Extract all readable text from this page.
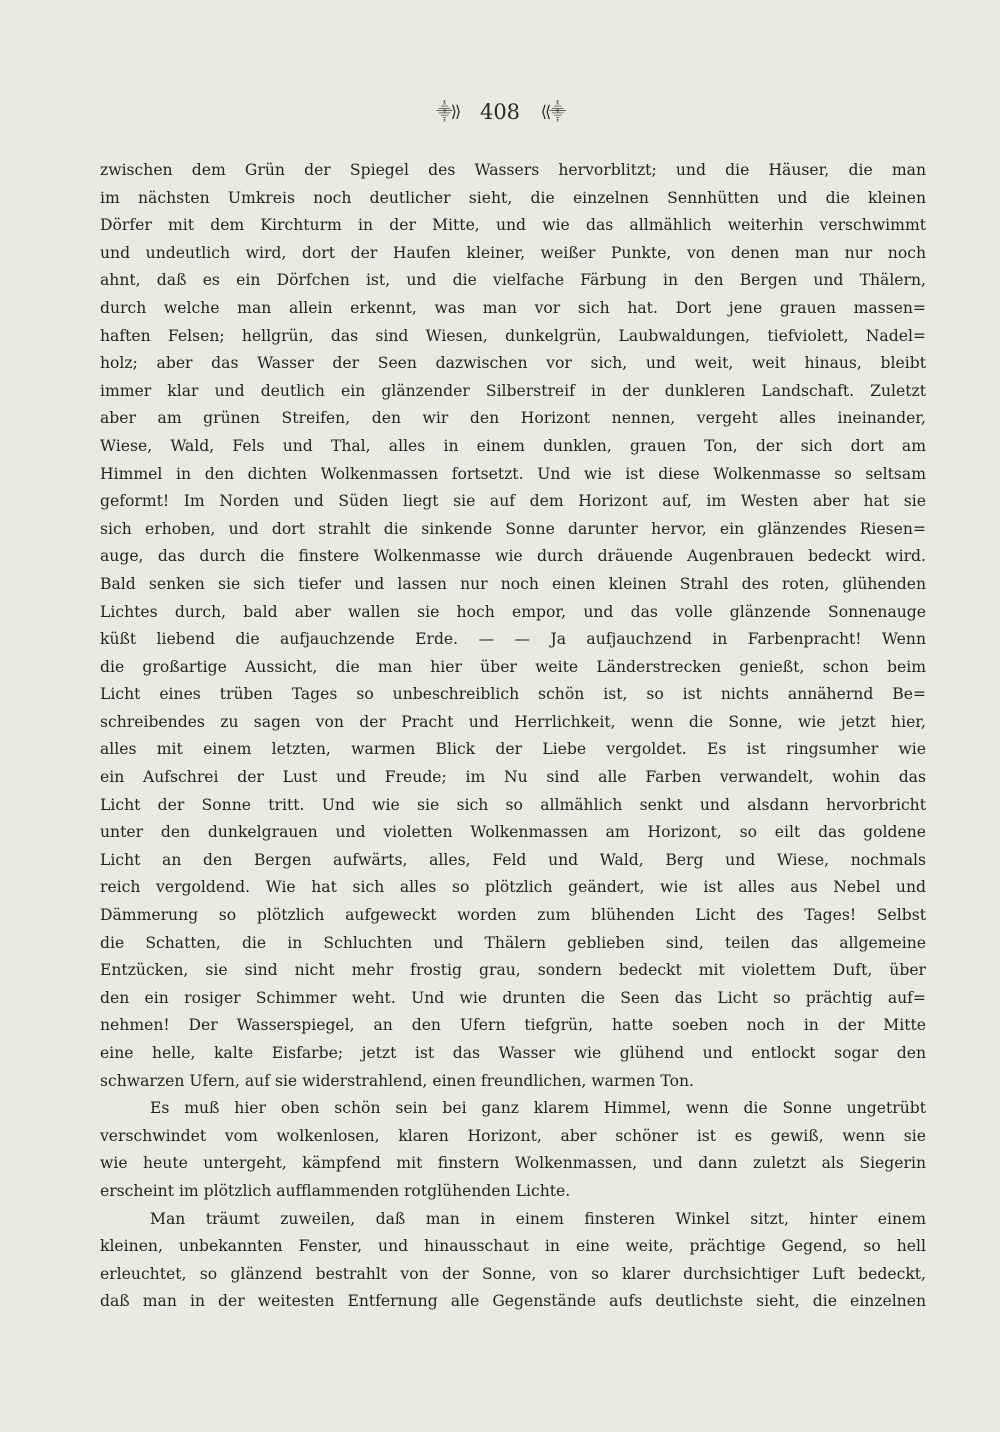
⸎⟩⟩ 408 ⟨⟨⸎
zwischen dem Grün der Spiegel des Wassers hervorblitzt; und die Häuser, die man
im nächsten Umkreis noch deutlicher sieht, die einzelnen Sennhütten und die kleinen
Dörfer mit dem Kirchturm in der Mitte, und wie das allmählich weiterhin verschwimmt
und undeutlich wird, dort der Haufen kleiner, weißer Punkte, von denen man nur noch
ahnt, daß es ein Dörfchen ist, und die vielfache Färbung in den Bergen und Thälern,
durch welche man allein erkennt, was man vor sich hat. Dort jene grauen massen=
haften Felsen; hellgrün, das sind Wiesen, dunkelgrün, Laubwaldungen, tiefviolett, Nadel=
holz; aber das Wasser der Seen dazwischen vor sich, und weit, weit hinaus, bleibt
immer klar und deutlich ein glänzender Silberstreif in der dunkleren Landschaft. Zuletzt
aber am grünen Streifen, den wir den Horizont nennen, vergeht alles ineinander,
Wiese, Wald, Fels und Thal, alles in einem dunklen, grauen Ton, der sich dort am
Himmel in den dichten Wolkenmassen fortsetzt. Und wie ist diese Wolkenmasse so seltsam
geformt! Im Norden und Süden liegt sie auf dem Horizont auf, im Westen aber hat sie
sich erhoben, und dort strahlt die sinkende Sonne darunter hervor, ein glänzendes Riesen=
auge, das durch die finstere Wolkenmasse wie durch dräuende Augenbrauen bedeckt wird.
Bald senken sie sich tiefer und lassen nur noch einen kleinen Strahl des roten, glühenden
Lichtes durch, bald aber wallen sie hoch empor, und das volle glänzende Sonnenauge
küßt liebend die aufjauchzende Erde. — — Ja aufjauchzend in Farbenpracht! Wenn
die großartige Aussicht, die man hier über weite Länderstrecken genießt, schon beim
Licht eines trüben Tages so unbeschreiblich schön ist, so ist nichts annähernd Be=
schreibendes zu sagen von der Pracht und Herrlichkeit, wenn die Sonne, wie jetzt hier,
alles mit einem letzten, warmen Blick der Liebe vergoldet. Es ist ringsumher wie
ein Aufschrei der Lust und Freude; im Nu sind alle Farben verwandelt, wohin das
Licht der Sonne tritt. Und wie sie sich so allmählich senkt und alsdann hervorbricht
unter den dunkelgrauen und violetten Wolkenmassen am Horizont, so eilt das goldene
Licht an den Bergen aufwärts, alles, Feld und Wald, Berg und Wiese, nochmals
reich vergoldend. Wie hat sich alles so plötzlich geändert, wie ist alles aus Nebel und
Dämmerung so plötzlich aufgeweckt worden zum blühenden Licht des Tages! Selbst
die Schatten, die in Schluchten und Thälern geblieben sind, teilen das allgemeine
Entzücken, sie sind nicht mehr frostig grau, sondern bedeckt mit violettem Duft, über
den ein rosiger Schimmer weht. Und wie drunten die Seen das Licht so prächtig auf=
nehmen! Der Wasserspiegel, an den Ufern tiefgrün, hatte soeben noch in der Mitte
eine helle, kalte Eisfarbe; jetzt ist das Wasser wie glühend und entlockt sogar den
schwarzen Ufern, auf sie widerstrahlend, einen freundlichen, warmen Ton.
Es muß hier oben schön sein bei ganz klarem Himmel, wenn die Sonne ungetrübt
verschwindet vom wolkenlosen, klaren Horizont, aber schöner ist es gewiß, wenn sie
wie heute untergeht, kämpfend mit finstern Wolkenmassen, und dann zuletzt als Siegerin
erscheint im plötzlich aufflammenden rotglühenden Lichte.
Man träumt zuweilen, daß man in einem finsteren Winkel sitzt, hinter einem
kleinen, unbekannten Fenster, und hinausschaut in eine weite, prächtige Gegend, so hell
erleuchtet, so glänzend bestrahlt von der Sonne, von so klarer durchsichtiger Luft bedeckt,
daß man in der weitesten Entfernung alle Gegenstände aufs deutlichste sieht, die einzelnen
